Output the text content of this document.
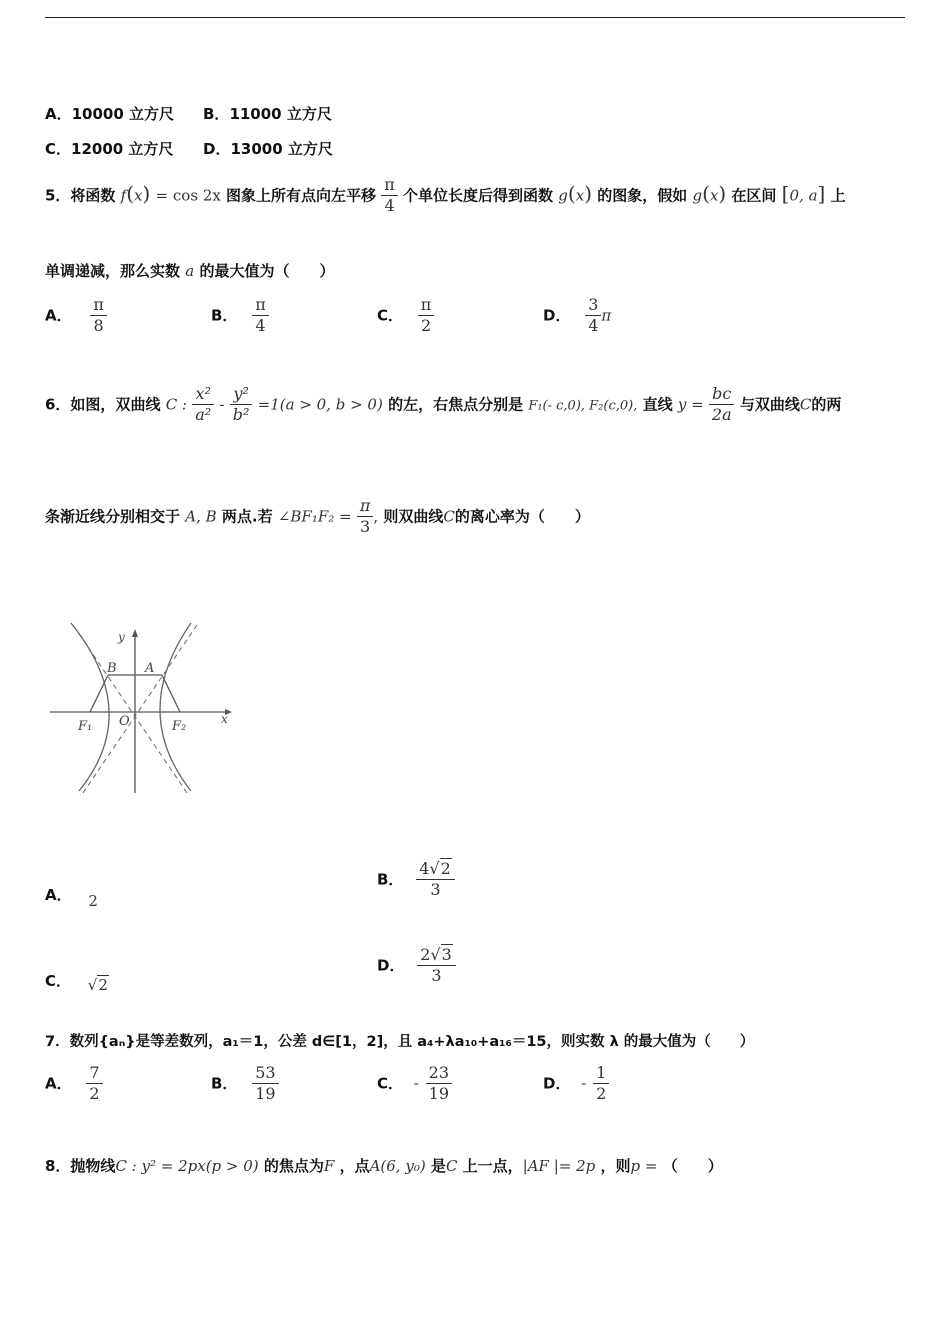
A．10000 立方尺 B．11000 立方尺
C．12000 立方尺 D．13000 立方尺
5．将函数 f(x) = cos 2x 图象上所有点向左平移 $\frac{\pi}{4}$ 个单位长度后得到函数 g(x) 的图象，假如 g(x) 在区间 [0, a] 上
单调递减，那么实数 a 的最大值为（　　）
A． $\frac{\pi}{8}$	B． $\frac{\pi}{4}$	C． $\frac{\pi}{2}$	D． $\frac{3}{4}$ π
6．如图，双曲线 C : $\frac{\text{x²}}{\text{a²}} - \frac{\text{y²}}{\text{b²}} =1(a > 0$, b > 0) 的左，右焦点分别是 F₁(- c,0), F₂(c,0), 直线 $y = \frac{bc}{2a}$ 与双曲线C的两
条渐近线分别相交于 A, B 两点.若 ∠BF₁F₂ = $\frac{\pi}{3}$ , 则双曲线C的离心率为（　　）
y
x
O
B A
F₁	F₂
A． 2
B． $\frac{4√2}{3}$
C． √2
D． $\frac{2√3}{3}$
7．数列{aₙ}是等差数列，a₁＝1，公差 d∈[1，2]，且 a₄+λa₁₀+a₁₆＝15，则实数 λ 的最大值为（　　）
A． $\frac{7}{2}$	B． $\frac{53}{19}$	C． - $\frac{23}{19}$	D． - $\frac{1}{2}$
8．抛物线C : y² = 2px(p > 0) 的焦点为F ，点A(6, y₀) 是C 上一点，|AF |= 2p ，则p = （　　）
